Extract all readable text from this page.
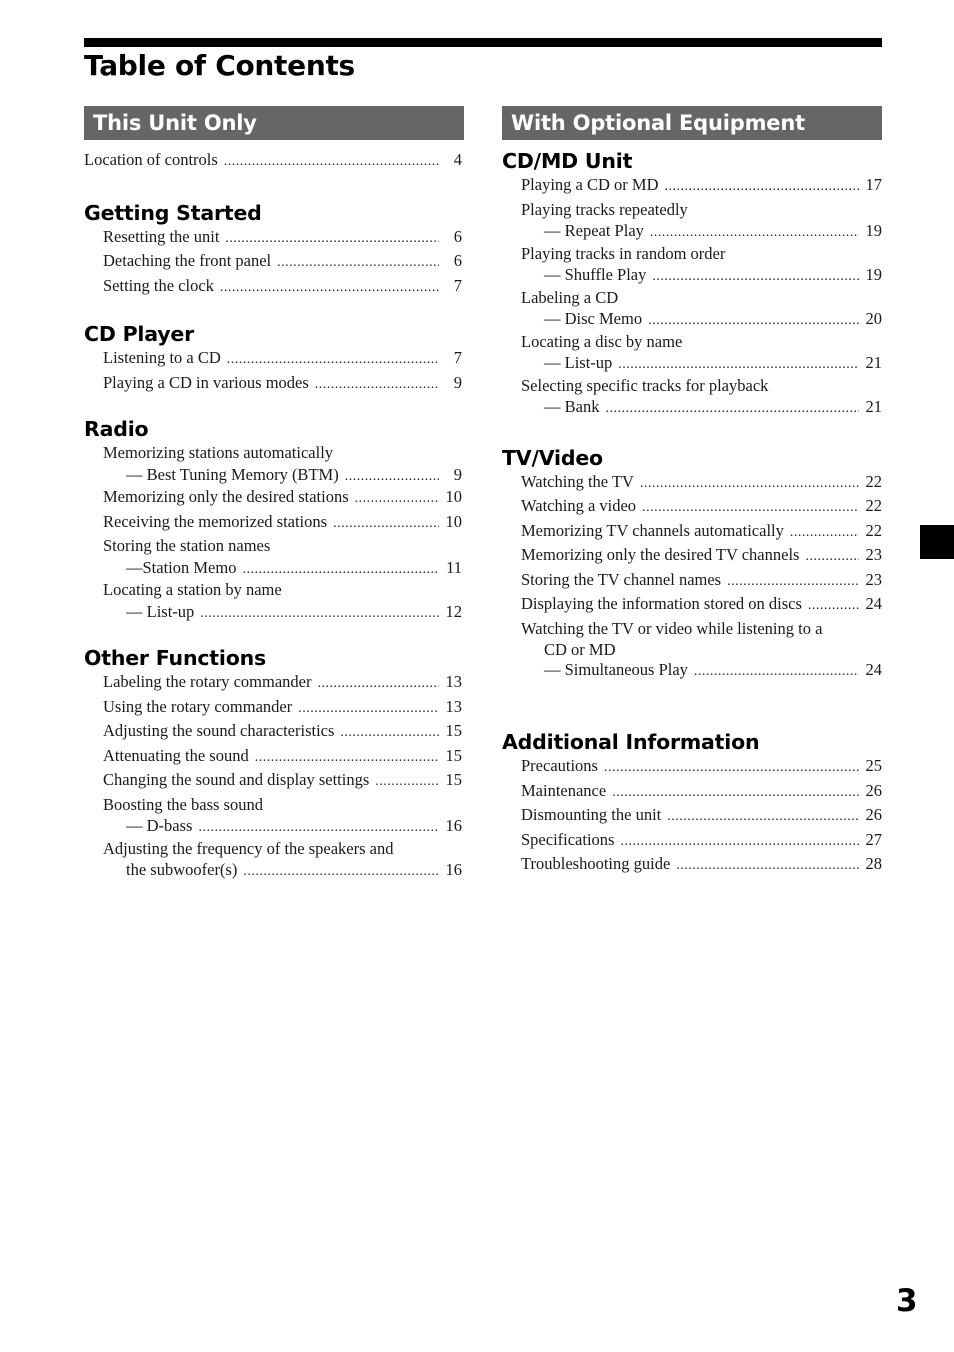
Table of Contents
This Unit Only
Location of controls .....	4
Getting Started
Resetting the unit .....	6
Detaching the front panel .....	6
Setting the clock .....	7
CD Player
Listening to a CD .....	7
Playing a CD in various modes .....	9
Radio
Memorizing stations automatically
— Best Tuning Memory (BTM) .....	9
Memorizing only the desired stations .....	10
Receiving the memorized stations .....	10
Storing the station names
—Station Memo .....	11
Locating a station by name
— List-up .....	12
Other Functions
Labeling the rotary commander .....	13
Using the rotary commander .....	13
Adjusting the sound characteristics .....	15
Attenuating the sound .....	15
Changing the sound and display settings .....	15
Boosting the bass sound
— D-bass .....	16
Adjusting the frequency of the speakers and
the subwoofer(s) .....	16
With Optional Equipment
CD/MD Unit
Playing a CD or MD .....	17
Playing tracks repeatedly
— Repeat Play .....	19
Playing tracks in random order
— Shuffle Play .....	19
Labeling a CD
— Disc Memo .....	20
Locating a disc by name
— List-up .....	21
Selecting specific tracks for playback
— Bank .....	21
TV/Video
Watching the TV .....	22
Watching a video .....	22
Memorizing TV channels automatically .....	22
Memorizing only the desired TV channels .....	23
Storing the TV channel names .....	23
Displaying the information stored on discs .....	24
Watching the TV or video while listening to a
CD or MD
— Simultaneous Play .....	24
Additional Information
Precautions .....	25
Maintenance .....	26
Dismounting the unit .....	26
Specifications .....	27
Troubleshooting guide .....	28
3
